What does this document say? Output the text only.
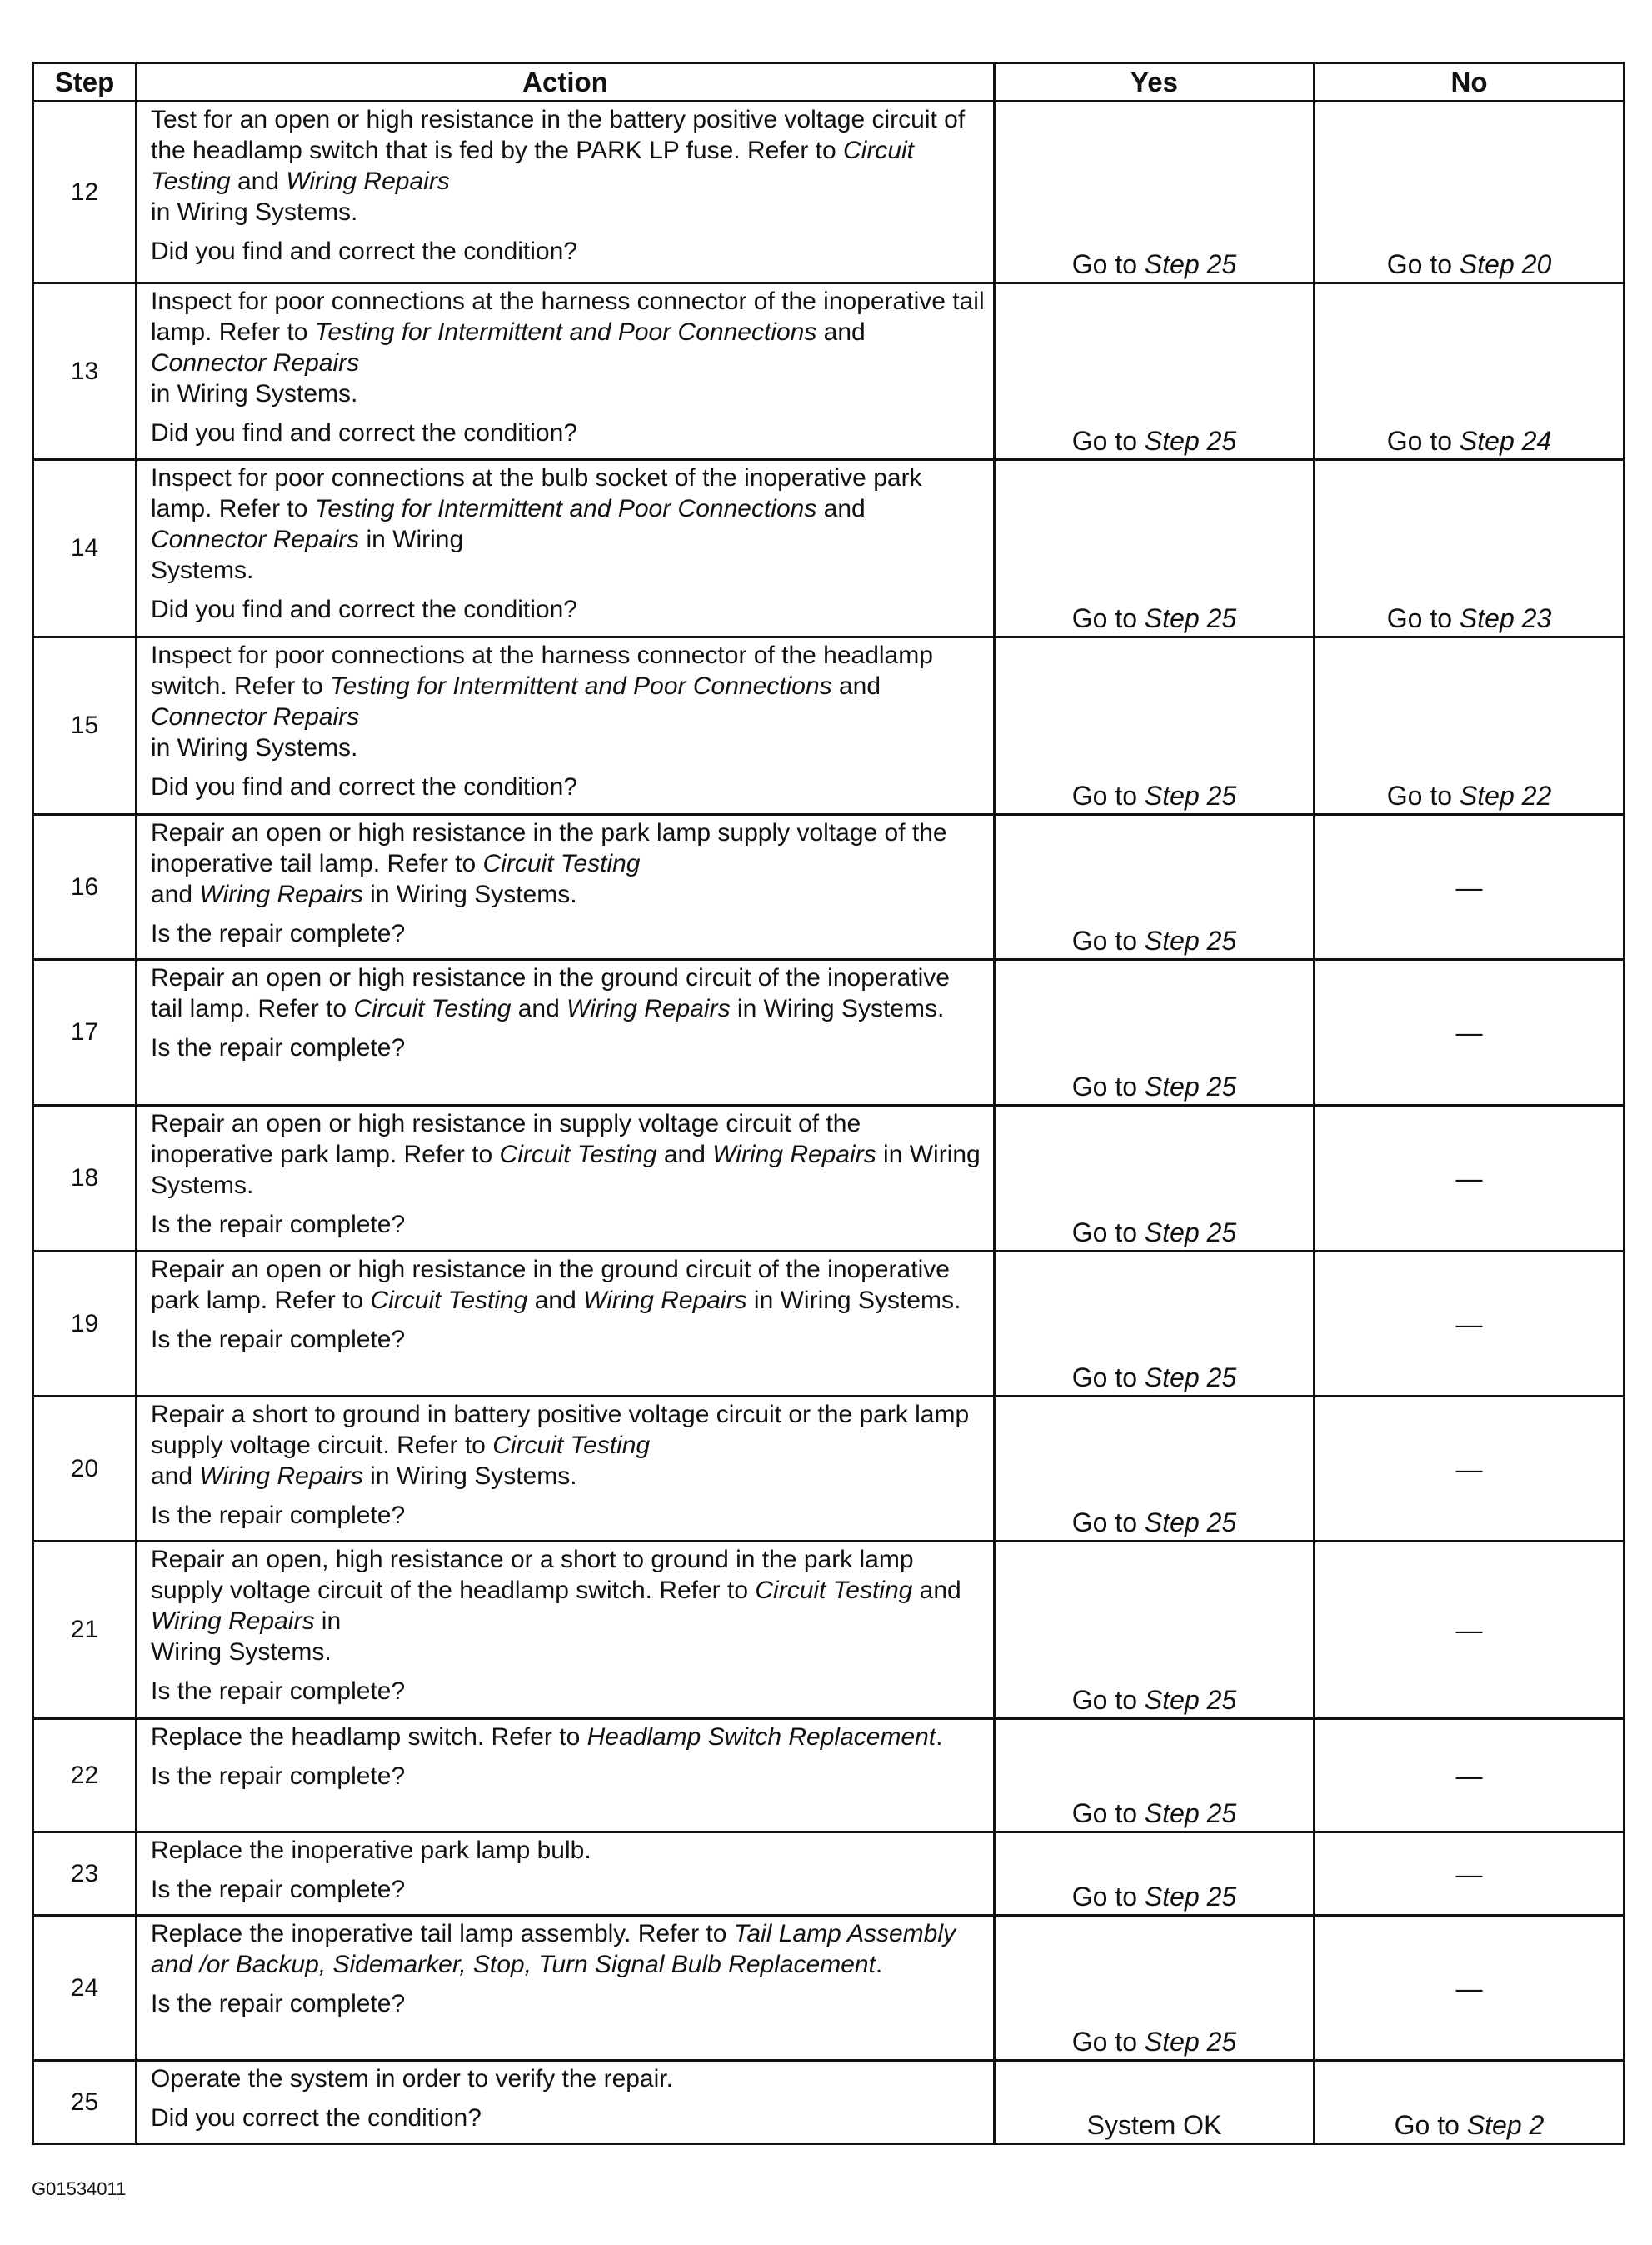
Step	Action	Yes	No
12	Test for an open or high resistance in the battery positive voltage circuit of the headlamp switch that is fed by the PARK LP fuse. Refer to Circuit Testing and Wiring Repairs
in Wiring Systems.
Did you find and correct the condition?	Go to Step 25	Go to Step 20
13	Inspect for poor connections at the harness connector of the inoperative tail lamp. Refer to Testing for Intermittent and Poor Connections and Connector Repairs
in Wiring Systems.
Did you find and correct the condition?	Go to Step 25	Go to Step 24
14	Inspect for poor connections at the bulb socket of the inoperative park lamp. Refer to Testing for Intermittent and Poor Connections and Connector Repairs in Wiring
Systems.
Did you find and correct the condition?	Go to Step 25	Go to Step 23
15	Inspect for poor connections at the harness connector of the headlamp switch. Refer to Testing for Intermittent and Poor Connections and Connector Repairs
in Wiring Systems.
Did you find and correct the condition?	Go to Step 25	Go to Step 22
16	Repair an open or high resistance in the park lamp supply voltage of the inoperative tail lamp. Refer to Circuit Testing
and Wiring Repairs in Wiring Systems.
Is the repair complete?	Go to Step 25	—
17	Repair an open or high resistance in the ground circuit of the inoperative tail lamp. Refer to Circuit Testing and Wiring Repairs in Wiring Systems.
Is the repair complete?	Go to Step 25	—
18	Repair an open or high resistance in supply voltage circuit of the inoperative park lamp. Refer to Circuit Testing and Wiring Repairs in Wiring Systems.
Is the repair complete?	Go to Step 25	—
19	Repair an open or high resistance in the ground circuit of the inoperative park lamp. Refer to Circuit Testing and Wiring Repairs in Wiring Systems.
Is the repair complete?	Go to Step 25	—
20	Repair a short to ground in battery positive voltage circuit or the park lamp supply voltage circuit. Refer to Circuit Testing
and Wiring Repairs in Wiring Systems.
Is the repair complete?	Go to Step 25	—
21	Repair an open, high resistance or a short to ground in the park lamp supply voltage circuit of the headlamp switch. Refer to Circuit Testing and Wiring Repairs in
Wiring Systems.
Is the repair complete?	Go to Step 25	—
22	Replace the headlamp switch. Refer to Headlamp Switch Replacement.
Is the repair complete?	Go to Step 25	—
23	Replace the inoperative park lamp bulb.
Is the repair complete?	Go to Step 25	—
24	Replace the inoperative tail lamp assembly. Refer to Tail Lamp Assembly and /or Backup, Sidemarker, Stop, Turn Signal Bulb Replacement.
Is the repair complete?	Go to Step 25	—
25	Operate the system in order to verify the repair.
Did you correct the condition?	System OK	Go to Step 2
G01534011
